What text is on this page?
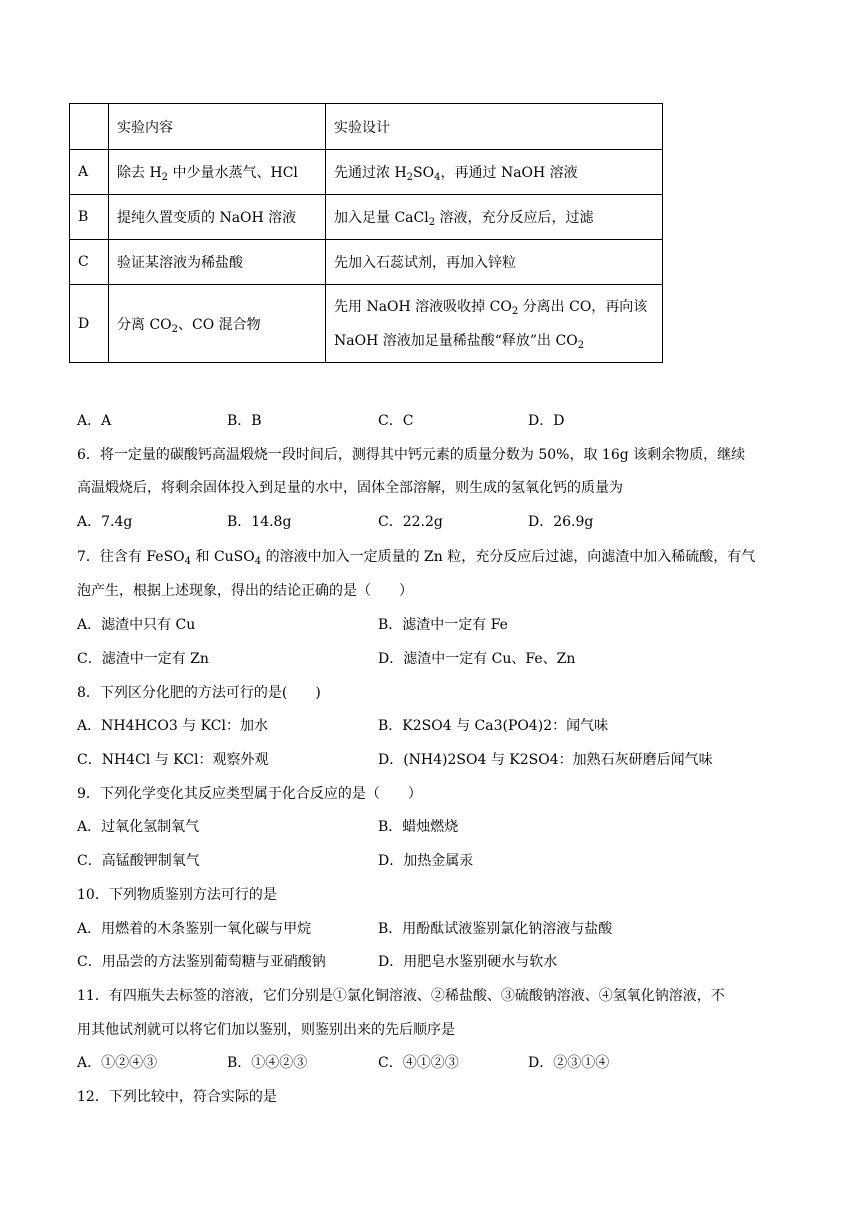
	实验内容	实验设计
A	除去 $H_2$ 中少量水蒸气、HCl	先通过浓 $H_2SO_4$，再通过 NaOH 溶液
B	提纯久置变质的 NaOH 溶液	加入足量 CaCl$_2$ 溶液，充分反应后，过滤
C	验证某溶液为稀盐酸	先加入石蕊试剂，再加入锌粒
D	分离 $CO_2$、CO 混合物	先用 NaOH 溶液吸收掉 $CO_2$ 分离出 CO，再向该
NaOH 溶液加足量稀盐酸“释放”出 $CO_2$
A．A	B．B	C．C	D．D
6．将一定量的碳酸钙高温煅烧一段时间后，测得其中钙元素的质量分数为 50%，取 16g 该剩余物质，继续
高温煅烧后，将剩余固体投入到足量的水中，固体全部溶解，则生成的氢氧化钙的质量为
A．7.4g	B．14.8g	C．22.2g	D．26.9g
7．往含有 FeSO$_4$ 和 CuSO$_4$ 的溶液中加入一定质量的 Zn 粒，充分反应后过滤，向滤渣中加入稀硫酸，有气
泡产生，根据上述现象，得出的结论正确的是（　　）
A．滤渣中只有 Cu	B．滤渣中一定有 Fe
C．滤渣中一定有 Zn	D．滤渣中一定有 Cu、Fe、Zn
8．下列区分化肥的方法可行的是(　　)
A．NH4HCO3 与 KCl：加水	B．K2SO4 与 Ca3(PO4)2：闻气味
C．NH4Cl 与 KCl：观察外观	D．(NH4)2SO4 与 K2SO4：加熟石灰研磨后闻气味
9．下列化学变化其反应类型属于化合反应的是（　　）
A．过氧化氢制氧气	B．蜡烛燃烧
C．高锰酸钾制氧气	D．加热金属汞
10．下列物质鉴别方法可行的是
A．用燃着的木条鉴别一氧化碳与甲烷	B．用酚酞试液鉴别氯化钠溶液与盐酸
C．用品尝的方法鉴别葡萄糖与亚硝酸钠	D．用肥皂水鉴别硬水与软水
11．有四瓶失去标签的溶液，它们分别是①氯化铜溶液、②稀盐酸、③硫酸钠溶液、④氢氧化钠溶液，不
用其他试剂就可以将它们加以鉴别，则鉴别出来的先后顺序是
A．①②④③	B．①④②③	C．④①②③	D．②③①④
12．下列比较中，符合实际的是
